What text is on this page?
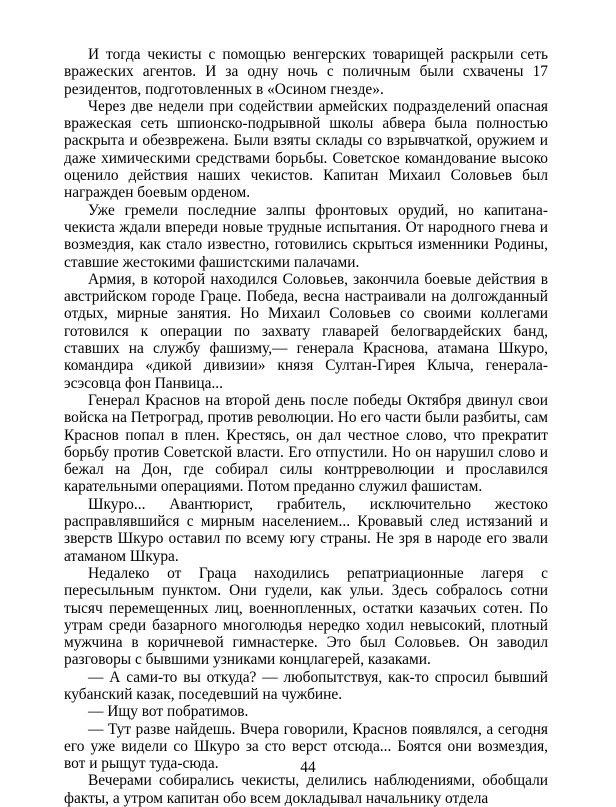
И тогда чекисты с помощью венгерских товарищей раскрыли сеть вражеских агентов. И за одну ночь с поличным были схвачены 17 резидентов, подготовленных в «Осином гнезде».

Через две недели при содействии армейских подразделений опасная вражеская сеть шпионско-подрывной школы абвера была полностью раскрыта и обезврежена. Были взяты склады со взрывчаткой, оружием и даже химическими средствами борьбы. Советское командование высоко оценило действия наших чекистов. Капитан Михаил Соловьев был награжден боевым орденом.

Уже гремели последние залпы фронтовых орудий, но капитана-чекиста ждали впереди новые трудные испытания. От народного гнева и возмездия, как стало известно, готовились скрыться изменники Родины, ставшие жестокими фашистскими палачами.

Армия, в которой находился Соловьев, закончила боевые действия в австрийском городе Граце. Победа, весна настраивали на долгожданный отдых, мирные занятия. Но Михаил Соловьев со своими коллегами готовился к операции по захвату главарей белогвардейских банд, ставших на службу фашизму,— генерала Краснова, атамана Шкуро, командира «дикой дивизии» князя Султан-Гирея Клыча, генерала-эсэсовца фон Панвица...

Генерал Краснов на второй день после победы Октября двинул свои войска на Петроград, против революции. Но его части были разбиты, сам Краснов попал в плен. Крестясь, он дал честное слово, что прекратит борьбу против Советской власти. Его отпустили. Но он нарушил слово и бежал на Дон, где собирал силы контрреволюции и прославился карательными операциями. Потом преданно служил фашистам.

Шкуро... Авантюрист, грабитель, исключительно жестоко расправлявшийся с мирным населением... Кровавый след истязаний и зверств Шкуро оставил по всему югу страны. Не зря в народе его звали атаманом Шкура.

Недалеко от Граца находились репатриационные лагеря с пересыльным пунктом. Они гудели, как ульи. Здесь собралось сотни тысяч перемещенных лиц, военнопленных, остатки казачьих сотен. По утрам среди базарного многолюдья нередко ходил невысокий, плотный мужчина в коричневой гимнастерке. Это был Соловьев. Он заводил разговоры с бывшими узниками концлагерей, казаками.

— А сами-то вы откуда? — любопытствуя, как-то спросил бывший кубанский казак, поседевший на чужбине.

— Ищу вот побратимов.

— Тут разве найдешь. Вчера говорили, Краснов появлялся, а сегодня его уже видели со Шкуро за сто верст отсюда... Боятся они возмездия, вот и рыщут туда-сюда.

Вечерами собирались чекисты, делились наблюдениями, обобщали факты, а утром капитан обо всем докладывал начальнику отдела

44
